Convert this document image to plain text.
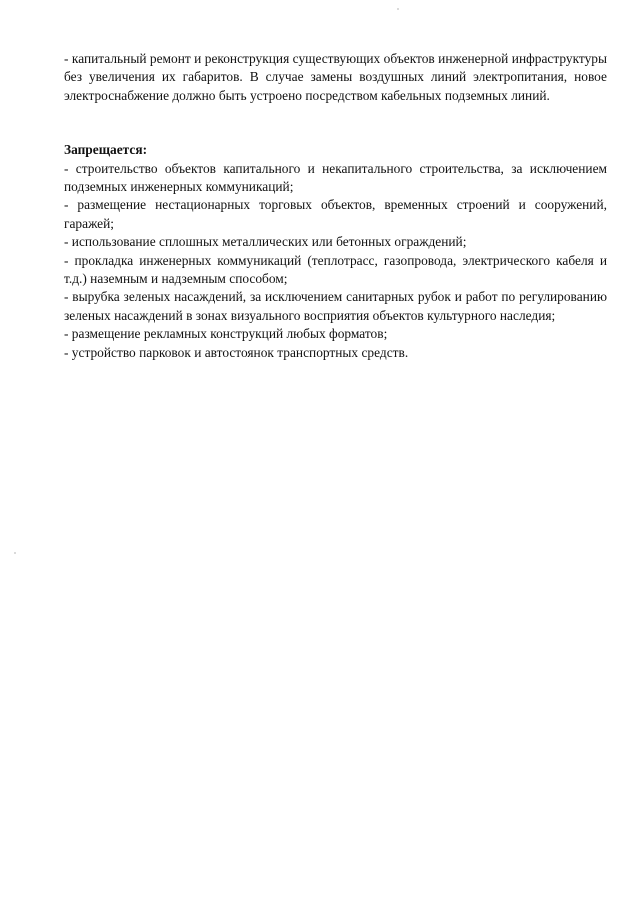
- капитальный ремонт и реконструкция существующих объектов инженерной инфраструктуры без увеличения их габаритов. В случае замены воздушных линий электропитания, новое электроснабжение должно быть устроено посредством кабельных подземных линий.

Запрещается:

- строительство объектов капитального и некапитального строительства, за исключением подземных инженерных коммуникаций;

- размещение нестационарных торговых объектов, временных строений и сооружений, гаражей;

- использование сплошных металлических или бетонных ограждений;

- прокладка инженерных коммуникаций (теплотрасс, газопровода, электрического кабеля и т.д.) наземным и надземным способом;

- вырубка зеленых насаждений, за исключением санитарных рубок и работ по регулированию зеленых насаждений в зонах визуального восприятия объектов культурного наследия;

- размещение рекламных конструкций любых форматов;

- устройство парковок и автостоянок транспортных средств.
